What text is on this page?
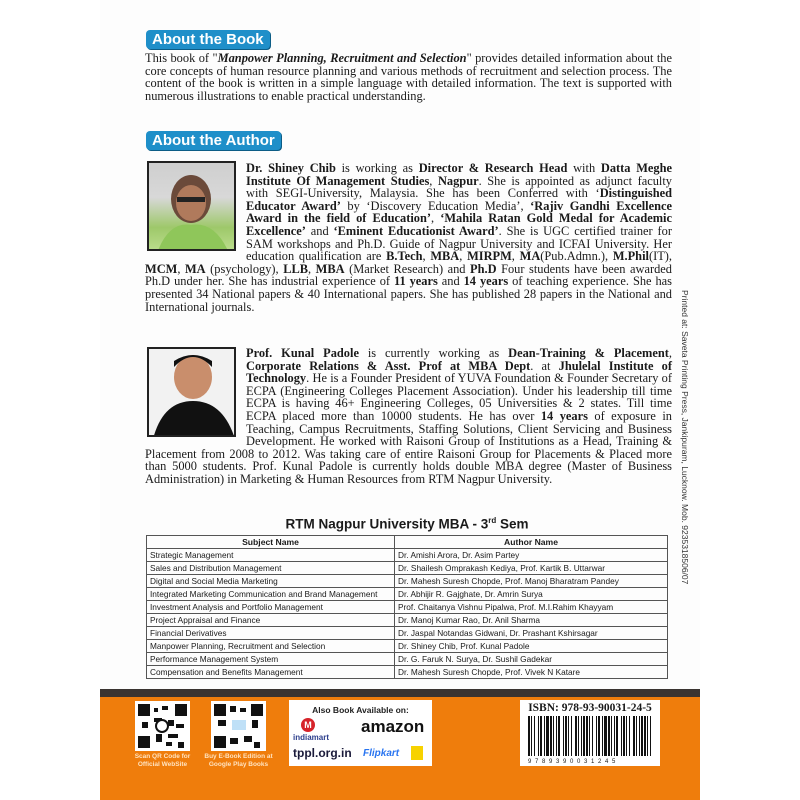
About the Book
This book of "Manpower Planning, Recruitment and Selection" provides detailed information about the core concepts of human resource planning and various methods of recruitment and selection process. The content of the book is written in a simple language with detailed information. The text is supported with numerous illustrations to enable practical understanding.
About the Author
Dr. Shiney Chib is working as Director & Research Head with Datta Meghe Institute Of Management Studies, Nagpur. She is appointed as adjunct faculty with SEGI-University, Malaysia. She has been Conferred with ‘Distinguished Educator Award’ by ‘Discovery Education Media’, ‘Rajiv Gandhi Excellence Award in the field of Education’, ‘Mahila Ratan Gold Medal for Academic Excellence’ and ‘Eminent Educationist Award’. She is UGC certified trainer for SAM workshops and Ph.D. Guide of Nagpur University and ICFAI University. Her education qualification are B.Tech, MBA, MIRPM, MA(Pub.Admn.), M.Phil(IT), MCM, MA (psychology), LLB, MBA (Market Research) and Ph.D Four students have been awarded Ph.D under her. She has industrial experience of 11 years and 14 years of teaching experience. She has presented 34 National papers & 40 International papers. She has published 28 papers in the National and International journals.
Prof. Kunal Padole is currently working as Dean-Training & Placement, Corporate Relations & Asst. Prof at MBA Dept. at Jhulelal Institute of Technology. He is a Founder President of YUVA Foundation & Founder Secretary of ECPA (Engineering Colleges Placement Association). Under his leadership till time ECPA is having 46+ Engineering Colleges, 05 Universities & 2 states. Till time ECPA placed more than 10000 students. He has over 14 years of exposure in Teaching, Campus Recruitments, Staffing Solutions, Client Servicing and Business Development. He worked with Raisoni Group of Institutions as a Head, Training & Placement from 2008 to 2012. Was taking care of entire Raisoni Group for Placements & Placed more than 5000 students. Prof. Kunal Padole is currently holds double MBA degree (Master of Business Administration) in Marketing & Human Resources from RTM Nagpur University.
RTM Nagpur University MBA - 3rd Sem
Subject Name	Author Name
Strategic Management	Dr. Amishi Arora, Dr. Asim Partey
Sales and Distribution Management	Dr. Shailesh Omprakash Kediya, Prof. Kartik B. Uttarwar
Digital and Social Media Marketing	Dr. Mahesh Suresh Chopde, Prof. Manoj Bharatram Pandey
Integrated Marketing Communication and Brand Management	Dr. Abhijir R. Gajghate, Dr. Amrin Surya
Investment Analysis and Portfolio Management	Prof. Chaitanya Vishnu Pipalwa, Prof. M.I.Rahim Khayyam
Project Appraisal and Finance	Dr. Manoj Kumar Rao, Dr. Anil Sharma
Financial Derivatives	Dr. Jaspal Notandas Gidwani, Dr. Prashant Kshirsagar
Manpower Planning, Recruitment and Selection	Dr. Shiney Chib, Prof. Kunal Padole
Performance Management System	Dr. G. Faruk N. Surya, Dr. Sushil Gadekar
Compensation and Benefits Management	Dr. Mahesh Suresh Chopde, Prof. Vivek N Katare
Printed at: Saveta Printing Press, Jankipuram, Lucknow. Mob. 9235318506/07
Scan QR Code for Official WebSite
Buy E-Book Edition at Google Play Books
Also Book Available on:
M
indiamart
amazon
tppl.org.in Flipkart
ISBN: 978-93-90031-24-5
9 7 8 9 3 9 0 0 3 1 2 4 5
